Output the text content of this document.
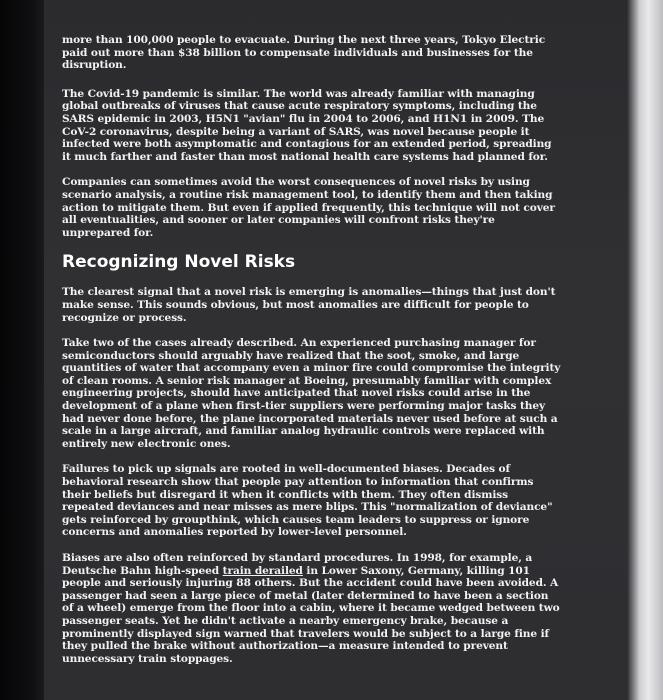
more than 100,000 people to evacuate. During the next three years, Tokyo Electric paid out more than $38 billion to compensate individuals and businesses for the disruption.

The Covid-19 pandemic is similar. The world was already familiar with managing global outbreaks of viruses that cause acute respiratory symptoms, including the SARS epidemic in 2003, H5N1 "avian" flu in 2004 to 2006, and H1N1 in 2009. The CoV-2 coronavirus, despite being a variant of SARS, was novel because people it infected were both asymptomatic and contagious for an extended period, spreading it much farther and faster than most national health care systems had planned for.

Companies can sometimes avoid the worst consequences of novel risks by using scenario analysis, a routine risk management tool, to identify them and then taking action to mitigate them. But even if applied frequently, this technique will not cover all eventualities, and sooner or later companies will confront risks they're unprepared for.

Recognizing Novel Risks

The clearest signal that a novel risk is emerging is anomalies—things that just don't make sense. This sounds obvious, but most anomalies are difficult for people to recognize or process.

Take two of the cases already described. An experienced purchasing manager for semiconductors should arguably have realized that the soot, smoke, and large quantities of water that accompany even a minor fire could compromise the integrity of clean rooms. A senior risk manager at Boeing, presumably familiar with complex engineering projects, should have anticipated that novel risks could arise in the development of a plane when first-tier suppliers were performing major tasks they had never done before, the plane incorporated materials never used before at such a scale in a large aircraft, and familiar analog hydraulic controls were replaced with entirely new electronic ones.

Failures to pick up signals are rooted in well-documented biases. Decades of behavioral research show that people pay attention to information that confirms their beliefs but disregard it when it conflicts with them. They often dismiss repeated deviances and near misses as mere blips. This "normalization of deviance" gets reinforced by groupthink, which causes team leaders to suppress or ignore concerns and anomalies reported by lower-level personnel.

Biases are also often reinforced by standard procedures. In 1998, for example, a Deutsche Bahn high-speed train derailed in Lower Saxony, Germany, killing 101 people and seriously injuring 88 others. But the accident could have been avoided. A passenger had seen a large piece of metal (later determined to have been a section of a wheel) emerge from the floor into a cabin, where it became wedged between two passenger seats. Yet he didn't activate a nearby emergency brake, because a prominently displayed sign warned that travelers would be subject to a large fine if they pulled the brake without authorization—a measure intended to prevent unnecessary train stoppages.
